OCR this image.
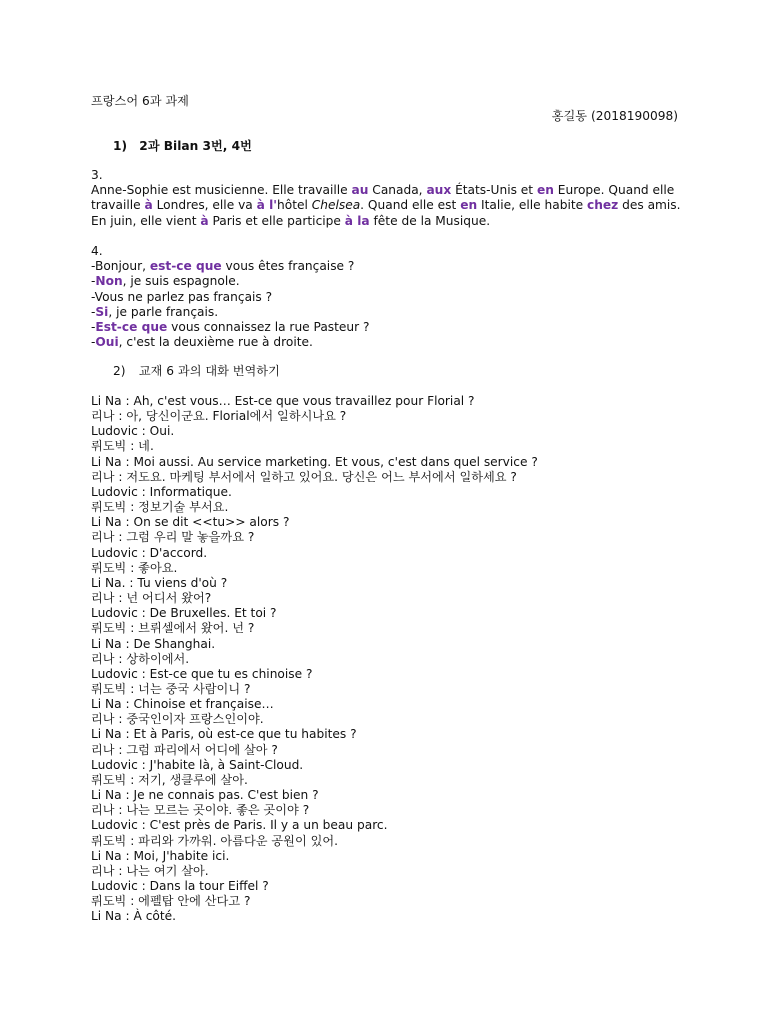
프랑스어 6과 과제
홍길동 (2018190098)
1) 2과 Bilan 3번, 4번
3.
Anne-Sophie est musicienne. Elle travaille au Canada, aux États-Unis et en Europe. Quand elle travaille à Londres, elle va à l'hôtel Chelsea. Quand elle est en Italie, elle habite chez des amis. En juin, elle vient à Paris et elle participe à la fête de la Musique.
4.
-Bonjour, est-ce que vous êtes française ?
-Non, je suis espagnole.
-Vous ne parlez pas français ?
-Si, je parle français.
-Est-ce que vous connaissez la rue Pasteur ?
-Oui, c'est la deuxième rue à droite.
2) 교재 6 과의 대화 번역하기
Li Na : Ah, c'est vous… Est-ce que vous travaillez pour Florial ?
리나 : 아, 당신이군요. Florial에서 일하시나요 ?
Ludovic : Oui.
뤼도빅 : 네.
Li Na : Moi aussi. Au service marketing. Et vous, c'est dans quel service ?
리나 : 저도요. 마케팅 부서에서 일하고 있어요. 당신은 어느 부서에서 일하세요 ?
Ludovic : Informatique.
뤼도빅 : 정보기술 부서요.
Li Na : On se dit <<tu>> alors ?
리나 : 그럼 우리 말 놓을까요 ?
Ludovic : D'accord.
뤼도빅 : 좋아요.
Li Na. : Tu viens d'où ?
리나 : 넌 어디서 왔어?
Ludovic : De Bruxelles. Et toi ?
뤼도빅 : 브뤼셀에서 왔어. 넌 ?
Li Na : De Shanghai.
리나 : 상하이에서.
Ludovic : Est-ce que tu es chinoise ?
뤼도빅 : 너는 중국 사람이니 ?
Li Na : Chinoise et française…
리나 : 중국인이자 프랑스인이야.
Li Na : Et à Paris, où est-ce que tu habites ?
리나 : 그럼 파리에서 어디에 살아 ?
Ludovic : J'habite là, à Saint-Cloud.
뤼도빅 : 저기, 생클루에 살아.
Li Na : Je ne connais pas. C'est bien ?
리나 : 나는 모르는 곳이야. 좋은 곳이야 ?
Ludovic : C'est près de Paris. Il y a un beau parc.
뤼도빅 : 파리와 가까워. 아름다운 공원이 있어.
Li Na : Moi, J'habite ici.
리나 : 나는 여기 살아.
Ludovic : Dans la tour Eiffel ?
뤼도빅 : 에펠탑 안에 산다고 ?
Li Na : À côté.
